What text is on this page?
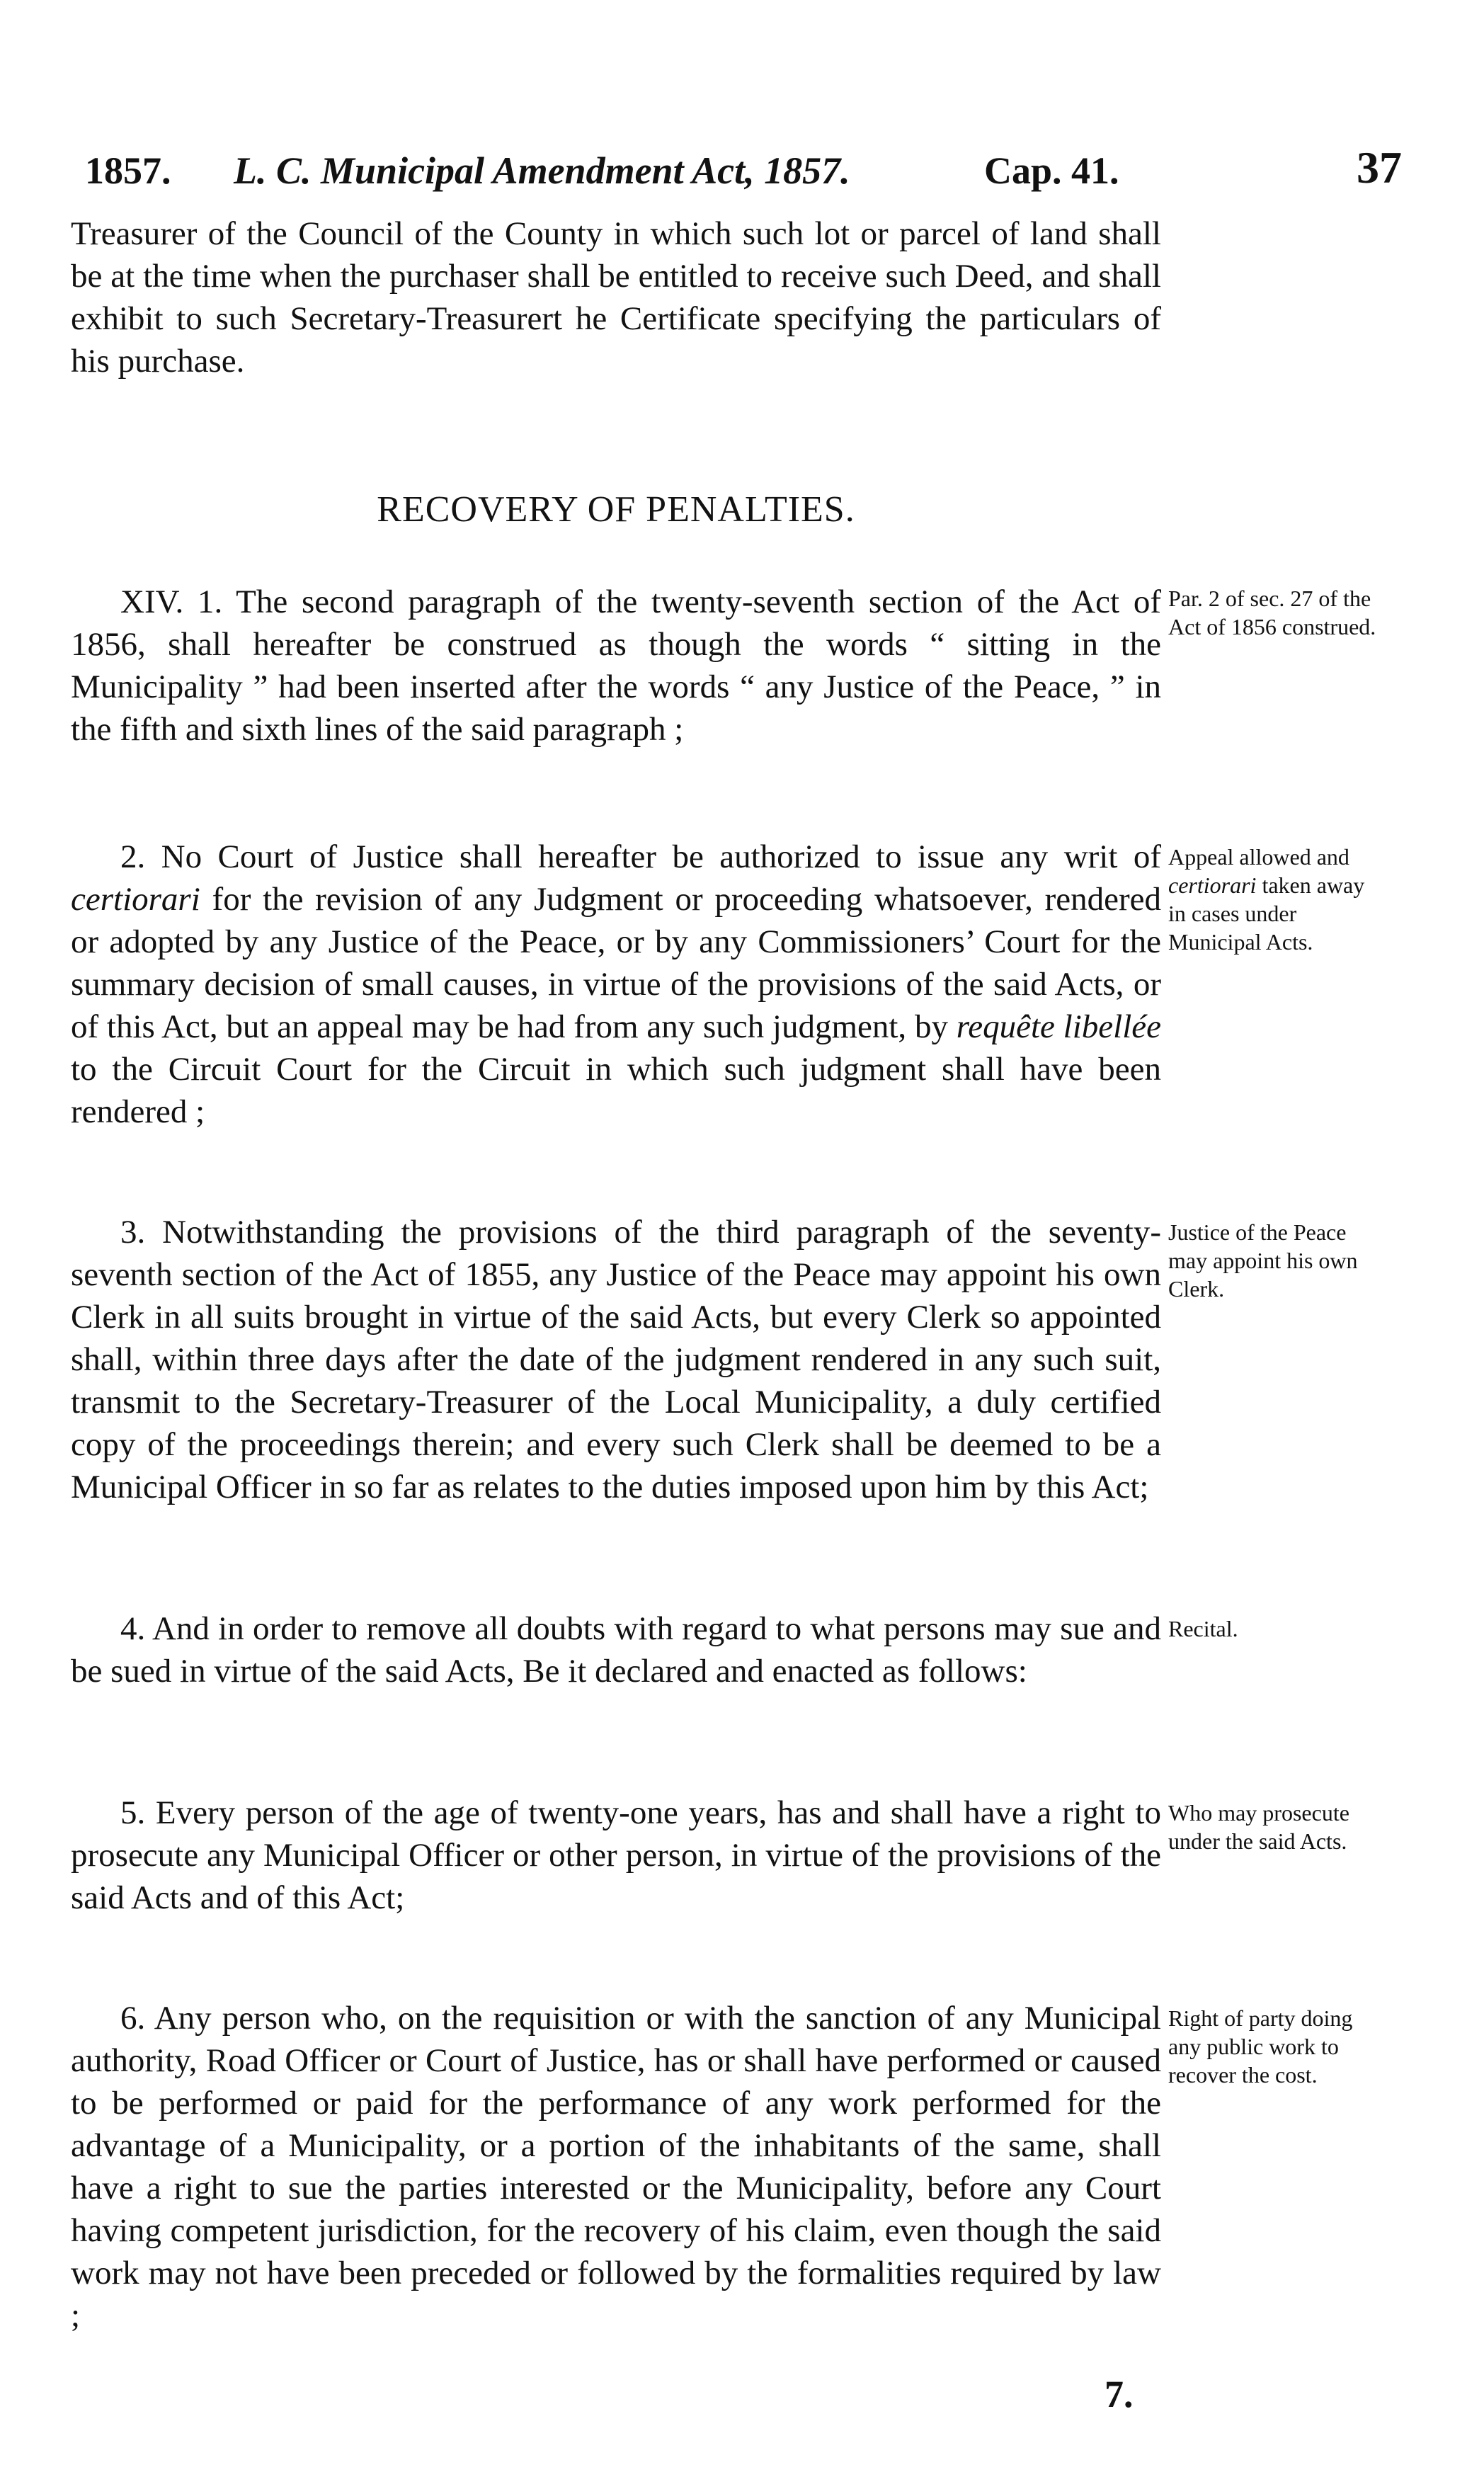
1857. L. C. Municipal Amendment Act, 1857.	Cap. 41.	37

Treasurer of the Council of the County in which such lot or parcel of land shall be at the time when the purchaser shall be entitled to receive such Deed, and shall exhibit to such Secretary-Treasurert he Certificate specifying the particulars of his purchase.

RECOVERY OF PENALTIES.

XIV. 1. The second paragraph of the twenty-seventh section of the Act of 1856, shall hereafter be construed as though the words “ sitting in the Municipality ” had been inserted after the words “ any Justice of the Peace, ” in the fifth and sixth lines of the said paragraph ;

Par. 2 of sec. 27 of the Act of 1856 construed.

2. No Court of Justice shall hereafter be authorized to issue any writ of certiorari for the revision of any Judgment or proceeding whatsoever, rendered or adopted by any Justice of the Peace, or by any Commissioners’ Court for the summary decision of small causes, in virtue of the provisions of the said Acts, or of this Act, but an appeal may be had from any such judgment, by requête libellée to the Circuit Court for the Circuit in which such judgment shall have been rendered ;

Appeal allowed and certiorari taken away in cases under Municipal Acts.

3. Notwithstanding the provisions of the third paragraph of the seventy-seventh section of the Act of 1855, any Justice of the Peace may appoint his own Clerk in all suits brought in virtue of the said Acts, but every Clerk so appointed shall, within three days after the date of the judgment rendered in any such suit, transmit to the Secretary-Treasurer of the Local Municipality, a duly certified copy of the proceedings therein; and every such Clerk shall be deemed to be a Municipal Officer in so far as relates to the duties imposed upon him by this Act;

Justice of the Peace may appoint his own Clerk.

4. And in order to remove all doubts with regard to what persons may sue and be sued in virtue of the said Acts, Be it declared and enacted as follows:

Recital.

5. Every person of the age of twenty-one years, has and shall have a right to prosecute any Municipal Officer or other person, in virtue of the provisions of the said Acts and of this Act;

Who may prosecute under the said Acts.

6. Any person who, on the requisition or with the sanction of any Municipal authority, Road Officer or Court of Justice, has or shall have performed or caused to be performed or paid for the performance of any work performed for the advantage of a Municipality, or a portion of the inhabitants of the same, shall have a right to sue the parties interested or the Municipality, before any Court having competent jurisdiction, for the recovery of his claim, even though the said work may not have been preceded or followed by the formalities required by law ;

Right of party doing any public work to recover the cost.

7.
